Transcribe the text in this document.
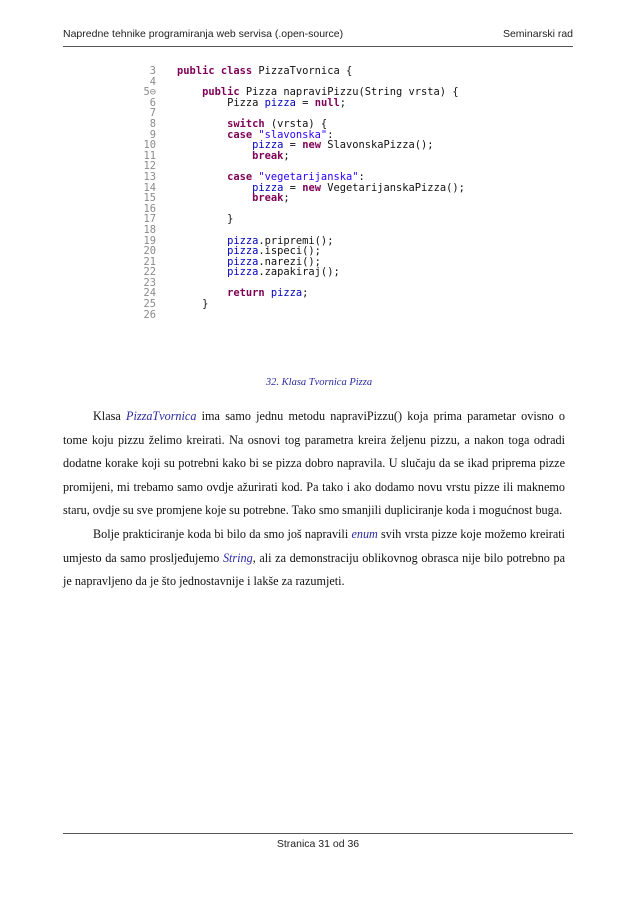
Napredne tehnike programiranja web servisa (.open-source)	Seminarski rad
3	public class PizzaTvornica {
4
5⊖	public Pizza napraviPizzu(String vrsta) {
6	Pizza pizza = null;
7
8	switch (vrsta) {
9	case "slavonska":
10	pizza = new SlavonskaPizza();
11	break;
12
13	case "vegetarijanska":
14	pizza = new VegetarijanskaPizza();
15	break;
16
17	}
18
19	pizza.pripremi();
20	pizza.ispeci();
21	pizza.narezi();
22	pizza.zapakiraj();
23
24	return pizza;
25	}
26
32. Klasa Tvornica Pizza

Klasa PizzaTvornica ima samo jednu metodu napraviPizzu() koja prima parametar ovisno o tome koju pizzu želimo kreirati. Na osnovi tog parametra kreira željenu pizzu, a nakon toga odradi dodatne korake koji su potrebni kako bi se pizza dobro napravila. U slučaju da se ikad priprema pizze promijeni, mi trebamo samo ovdje ažurirati kod. Pa tako i ako dodamo novu vrstu pizze ili maknemo staru, ovdje su sve promjene koje su potrebne. Tako smo smanjili dupliciranje koda i mogućnost buga.

Bolje prakticiranje koda bi bilo da smo još napravili enum svih vrsta pizze koje možemo kreirati umjesto da samo prosljeđujemo String, ali za demonstraciju oblikovnog obrasca nije bilo potrebno pa je napravljeno da je što jednostavnije i lakše za razumjeti.

Stranica 31 od 36
